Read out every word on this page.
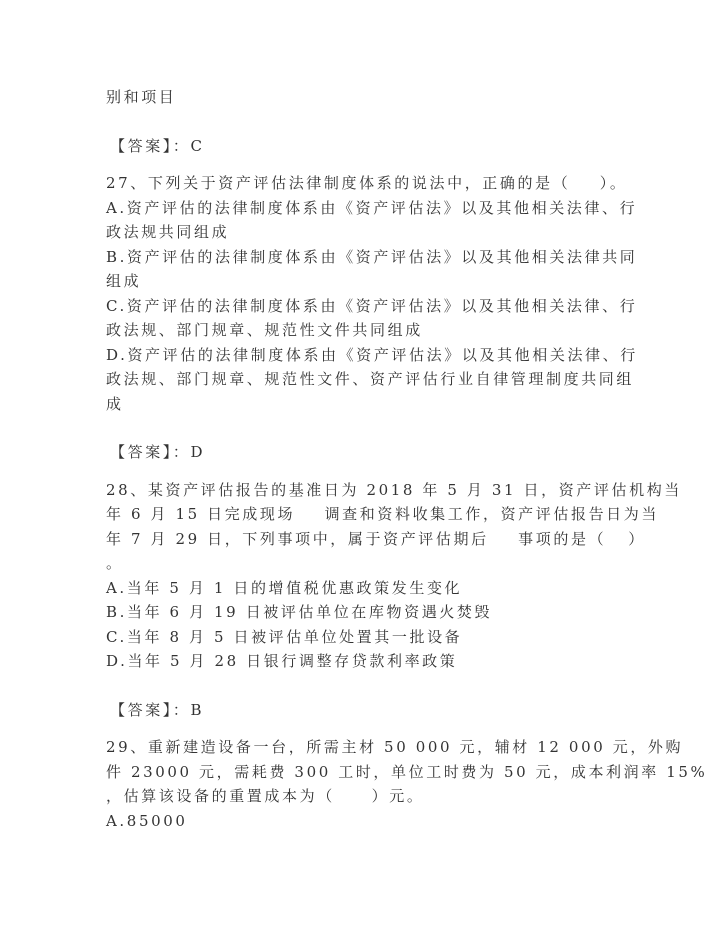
别和项目
【答案】：C
27、下列关于资产评估法律制度体系的说法中，正确的是（    ）。
A.资产评估的法律制度体系由《资产评估法》以及其他相关法律、行
政法规共同组成
B.资产评估的法律制度体系由《资产评估法》以及其他相关法律共同
组成
C.资产评估的法律制度体系由《资产评估法》以及其他相关法律、行
政法规、部门规章、规范性文件共同组成
D.资产评估的法律制度体系由《资产评估法》以及其他相关法律、行
政法规、部门规章、规范性文件、资产评估行业自律管理制度共同组
成
【答案】：D
28、某资产评估报告的基准日为 2018 年 5 月 31 日，资产评估机构当
年 6 月 15 日完成现场    调查和资料收集工作，资产评估报告日为当
年 7 月 29 日，下列事项中，属于资产评估期后    事项的是（   ）
。
A.当年 5 月 1 日的增值税优惠政策发生变化
B.当年 6 月 19 日被评估单位在库物资遇火焚毁
C.当年 8 月 5 日被评估单位处置其一批设备
D.当年 5 月 28 日银行调整存贷款利率政策
【答案】：B
29、重新建造设备一台，所需主材 50 000 元，辅材 12 000 元，外购
件 23000 元，需耗费 300 工时，单位工时费为 50 元，成本利润率 15%
，估算该设备的重置成本为（     ）元。
A.85000
